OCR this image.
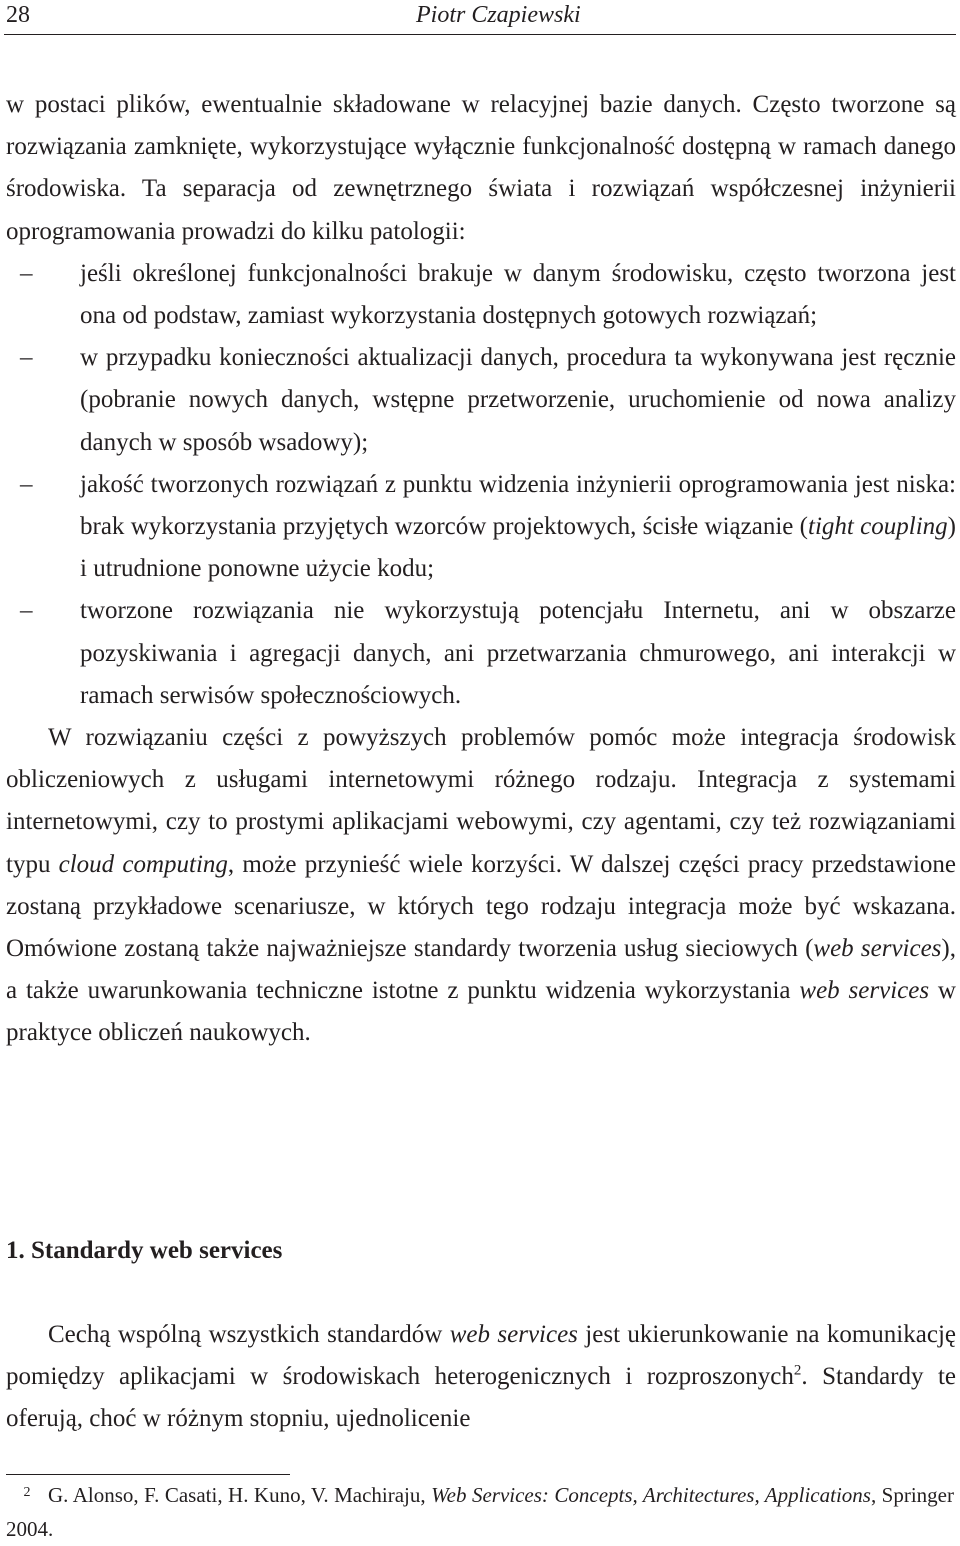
28	Piotr Czapiewski

w postaci plików, ewentualnie składowane w relacyjnej bazie danych. Często tworzone są rozwiązania zamknięte, wykorzystujące wyłącznie funkcjonalność dostępną w ramach danego środowiska. Ta separacja od zewnętrznego świata i rozwiązań współczesnej inżynierii oprogramowania prowadzi do kilku patologii:

– jeśli określonej funkcjonalności brakuje w danym środowisku, często tworzona jest ona od podstaw, zamiast wykorzystania dostępnych gotowych rozwiązań;
– w przypadku konieczności aktualizacji danych, procedura ta wykonywana jest ręcznie (pobranie nowych danych, wstępne przetworzenie, uruchomienie od nowa analizy danych w sposób wsadowy);
– jakość tworzonych rozwiązań z punktu widzenia inżynierii oprogramowania jest niska: brak wykorzystania przyjętych wzorców projektowych, ścisłe wiązanie (tight coupling) i utrudnione ponowne użycie kodu;
– tworzone rozwiązania nie wykorzystują potencjału Internetu, ani w obszarze pozyskiwania i agregacji danych, ani przetwarzania chmurowego, ani interakcji w ramach serwisów społecznościowych.

W rozwiązaniu części z powyższych problemów pomóc może integracja środowisk obliczeniowych z usługami internetowymi różnego rodzaju. Integracja z systemami internetowymi, czy to prostymi aplikacjami webowymi, czy agentami, czy też rozwiązaniami typu cloud computing, może przynieść wiele korzyści. W dalszej części pracy przedstawione zostaną przykładowe scenariusze, w których tego rodzaju integracja może być wskazana. Omówione zostaną także najważniejsze standardy tworzenia usług sieciowych (web services), a także uwarunkowania techniczne istotne z punktu widzenia wykorzystania web services w praktyce obliczeń naukowych.

1. Standardy web services

Cechą wspólną wszystkich standardów web services jest ukierunkowanie na komunikację pomiędzy aplikacjami w środowiskach heterogenicznych i rozproszonych$^2$. Standardy te oferują, choć w różnym stopniu, ujednolicenie

2 G. Alonso, F. Casati, H. Kuno, V. Machiraju, Web Services: Concepts, Architectures, Applications, Springer 2004.
